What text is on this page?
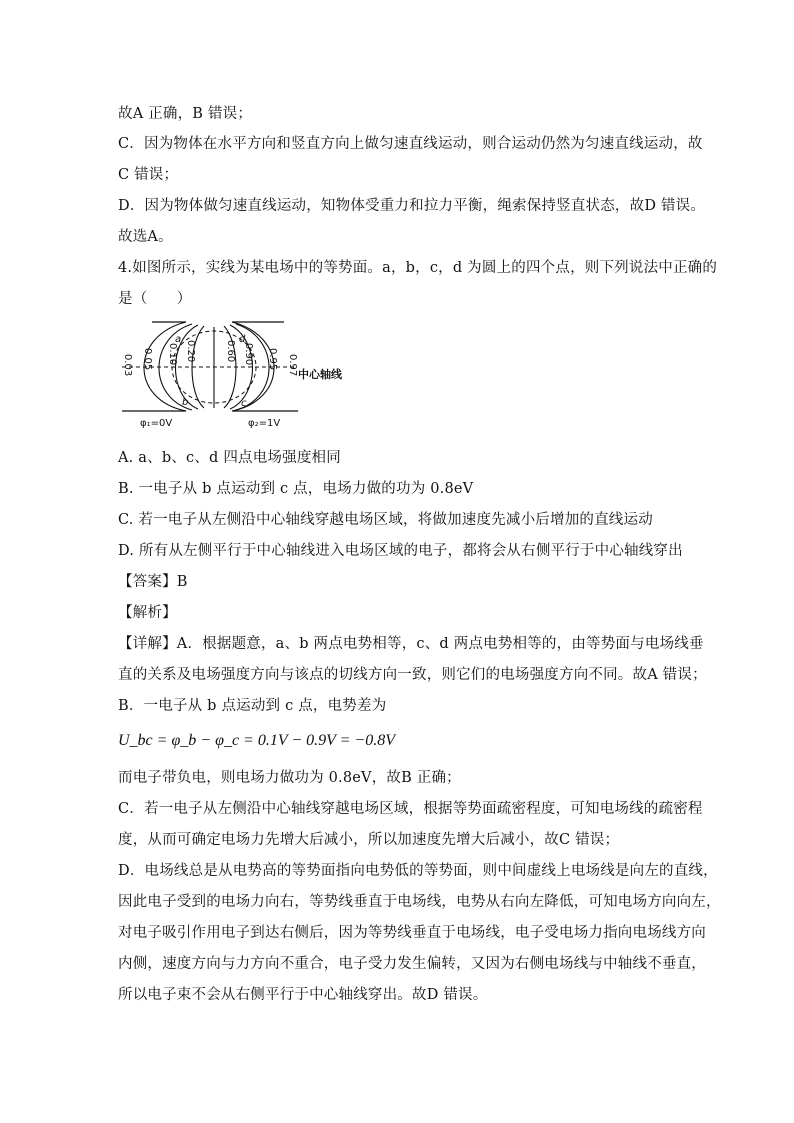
故A 正确，B 错误；
C．因为物体在水平方向和竖直方向上做匀速直线运动，则合运动仍然为匀速直线运动，故
C 错误；
D．因为物体做匀速直线运动，知物体受重力和拉力平衡，绳索保持竖直状态，故D 错误。
故选A。
4.如图所示，实线为某电场中的等势面。a，b，c，d 为圆上的四个点，则下列说法中正确的
是（　　）
0.03 0.05 0.10 0.20	0.60 0.90 0.95 0.97
a
b	c
d
中心轴线
φ₁=0V	φ₂=1V
A. a、b、c、d 四点电场强度相同
B. 一电子从 b 点运动到 c 点，电场力做的功为 0.8eV
C. 若一电子从左侧沿中心轴线穿越电场区域，将做加速度先减小后增加的直线运动
D. 所有从左侧平行于中心轴线进入电场区域的电子，都将会从右侧平行于中心轴线穿出
【答案】B
【解析】
【详解】A．根据题意，a、b 两点电势相等，c、d 两点电势相等的，由等势面与电场线垂
直的关系及电场强度方向与该点的切线方向一致，则它们的电场强度方向不同。故A 错误；
B．一电子从 b 点运动到 c 点，电势差为
U_bc = φ_b − φ_c = 0.1V − 0.9V = −0.8V
而电子带负电，则电场力做功为 0.8eV，故B 正确；
C．若一电子从左侧沿中心轴线穿越电场区域，根据等势面疏密程度，可知电场线的疏密程
度，从而可确定电场力先增大后减小，所以加速度先增大后减小，故C 错误；
D．电场线总是从电势高的等势面指向电势低的等势面，则中间虚线上电场线是向左的直线，
因此电子受到的电场力向右，等势线垂直于电场线，电势从右向左降低，可知电场方向向左，
对电子吸引作用电子到达右侧后，因为等势线垂直于电场线，电子受电场力指向电场线方向
内侧，速度方向与力方向不重合，电子受力发生偏转，又因为右侧电场线与中轴线不垂直，
所以电子束不会从右侧平行于中心轴线穿出。故D 错误。
